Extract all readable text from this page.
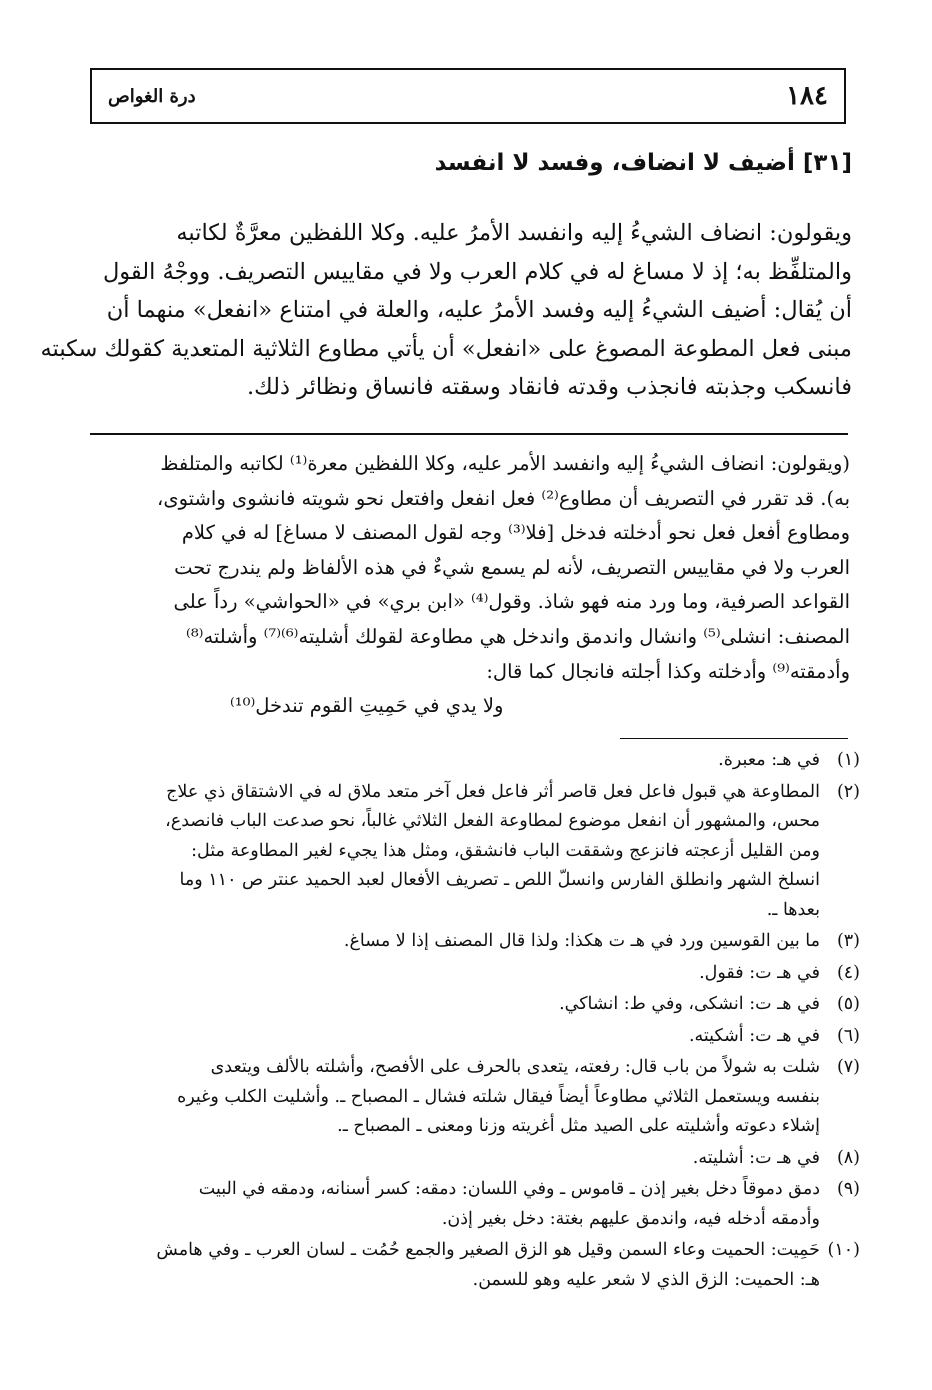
١٨٤
درة الغواص
[٣١] أضيف لا انضاف، وفسد لا انفسد
ويقولون: انضاف الشيءُ إليه وانفسد الأمرُ عليه. وكلا اللفظين معرَّةٌ لكاتبه
والمتلفِّظ به؛ إذ لا مساغ له في كلام العرب ولا في مقاييس التصريف. ووجْهُ القول
أن يُقال: أضيف الشيءُ إليه وفسد الأمرُ عليه، والعلة في امتناع «انفعل» منهما أن
مبنى فعل المطوعة المصوغ على «انفعل» أن يأتي مطاوع الثلاثية المتعدية كقولك سكبته
فانسكب وجذبته فانجذب وقدته فانقاد وسقته فانساق ونظائر ذلك.
(ويقولون: انضاف الشيءُ إليه وانفسد الأمر عليه، وكلا اللفظين معرة⁽¹⁾ لكاتبه والمتلفظ
به). قد تقرر في التصريف أن مطاوع⁽²⁾ فعل انفعل وافتعل نحو شويته فانشوى واشتوى،
ومطاوع أفعل فعل نحو أدخلته فدخل [فلا⁽³⁾ وجه لقول المصنف لا مساغ] له في كلام
العرب ولا في مقاييس التصريف، لأنه لم يسمع شيءٌ في هذه الألفاظ ولم يندرج تحت
القواعد الصرفية، وما ورد منه فهو شاذ. وقول⁽⁴⁾ «ابن بري» في «الحواشي» رداً على
المصنف: انشلى⁽⁵⁾ وانشال واندمق واندخل هي مطاوعة لقولك أشليته⁽⁶⁾⁽⁷⁾ وأشلته⁽⁸⁾
وأدمقته⁽⁹⁾ وأدخلته وكذا أجلته فانجال كما قال:
ولا يدي في حَمِيتِ القوم تندخل⁽¹⁰⁾
(١)
في هـ: معبرة.
(٢)
المطاوعة هي قبول فاعل فعل قاصر أثر فاعل فعل آخر متعد ملاق له في الاشتقاق ذي علاج
محس، والمشهور أن انفعل موضوع لمطاوعة الفعل الثلاثي غالباً، نحو صدعت الباب فانصدع،
ومن القليل أزعجته فانزعج وشققت الباب فانشقق، ومثل هذا يجيء لغير المطاوعة مثل:
انسلخ الشهر وانطلق الفارس وانسلّ اللص ـ تصريف الأفعال لعبد الحميد عنتر ص ١١٠ وما
بعدها ـ.
(٣)
ما بين القوسين ورد في هـ ت هكذا: ولذا قال المصنف إذا لا مساغ.
(٤)
في هـ ت: فقول.
(٥)
في هـ ت: انشكى، وفي ط: انشاكي.
(٦)
في هـ ت: أشكيته.
(٧)
شلت به شولاً من باب قال: رفعته، يتعدى بالحرف على الأفصح، وأشلته بالألف ويتعدى
بنفسه ويستعمل الثلاثي مطاوعاً أيضاً فيقال شلته فشال ـ المصباح ـ. وأشليت الكلب وغيره
إشلاء دعوته وأشليته على الصيد مثل أغريته وزنا ومعنى ـ المصباح ـ.
(٨)
في هـ ت: أشليته.
(٩)
دمق دموقاً دخل بغير إذن ـ قاموس ـ وفي اللسان: دمقه: كسر أسنانه، ودمقه في البيت
وأدمقه أدخله فيه، واندمق عليهم بغتة: دخل بغير إذن.
(١٠)
حَمِيت: الحميت وعاء السمن وقيل هو الزق الصغير والجمع حُمُت ـ لسان العرب ـ وفي هامش
هـ: الحميت: الزق الذي لا شعر عليه وهو للسمن.
